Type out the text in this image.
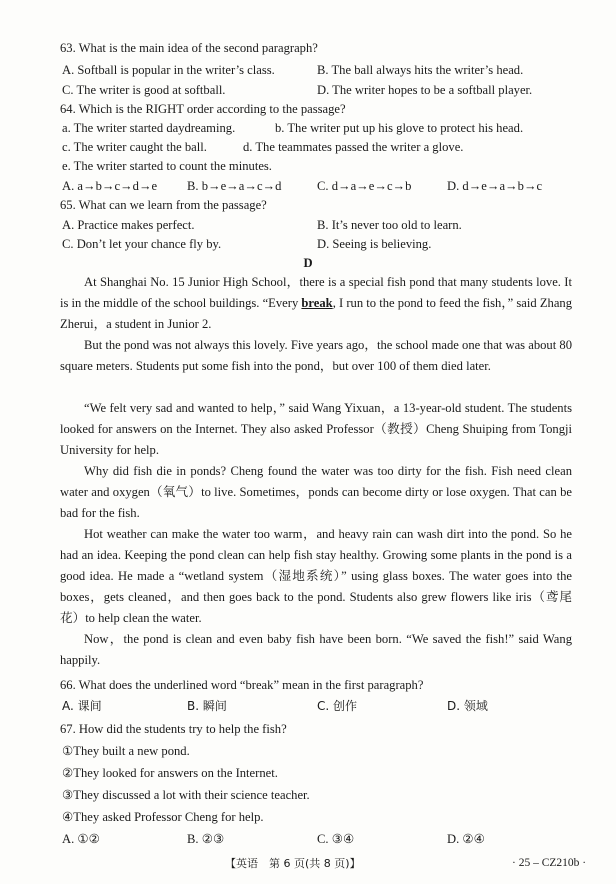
63. What is the main idea of the second paragraph?
A. Softball is popular in the writer’s class.	B. The ball always hits the writer’s head.
C. The writer is good at softball.	D. The writer hopes to be a softball player.
64. Which is the RIGHT order according to the passage?
a. The writer started daydreaming.	b. The writer put up his glove to protect his head.
c. The writer caught the ball.	d. The teammates passed the writer a glove.
e. The writer started to count the minutes.
A. a→b→c→d→e B. b→e→a→c→d	C. d→a→e→c→b	D. d→e→a→b→c
65. What can we learn from the passage?
A. Practice makes perfect.	B. It’s never too old to learn.
C. Don’t let your chance fly by.	D. Seeing is believing.
D
At Shanghai No. 15 Junior High School，there is a special fish pond that many students love. It is in the middle of the school buildings. “Every break, I run to the pond to feed the fish，” said Zhang Zherui，a student in Junior 2.
But the pond was not always this lovely. Five years ago，the school made one that was about 80 square meters. Students put some fish into the pond，but over 100 of them died later.
“We felt very sad and wanted to help，” said Wang Yixuan，a 13-year-old student. The students looked for answers on the Internet. They also asked Professor（教授）Cheng Shuiping from Tongji University for help.
Why did fish die in ponds? Cheng found the water was too dirty for the fish. Fish need clean water and oxygen（氧气）to live. Sometimes，ponds can become dirty or lose oxygen. That can be bad for the fish.
Hot weather can make the water too warm，and heavy rain can wash dirt into the pond. So he had an idea. Keeping the pond clean can help fish stay healthy. Growing some plants in the pond is a good idea. He made a “wetland system（湿地系统）” using glass boxes. The water goes into the boxes，gets cleaned，and then goes back to the pond. Students also grew flowers like iris（鸢尾花）to help clean the water.
Now，the pond is clean and even baby fish have been born. “We saved the fish!” said Wang happily.
66. What does the underlined word “break” mean in the first paragraph?
A. 课间	B. 瞬间	C. 创作	D. 领域
67. How did the students try to help the fish?
①They built a new pond.
②They looked for answers on the Internet.
③They discussed a lot with their science teacher.
④They asked Professor Cheng for help.
A. ①②	B. ②③	C. ③④	D. ②④
【英语　第 6 页(共 8 页)】	· 25 – CZ210b ·
